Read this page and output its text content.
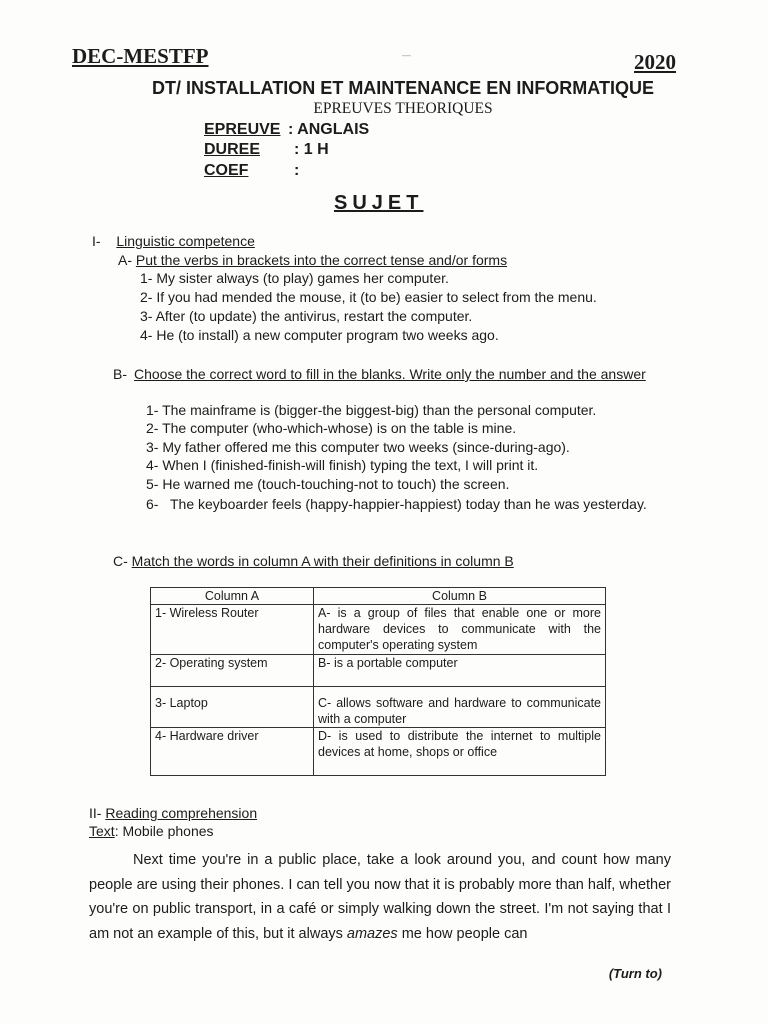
DEC-MESTFP	2020
—
DT/ INSTALLATION ET MAINTENANCE EN INFORMATIQUE
EPREUVES THEORIQUES
EPREUVE : ANGLAIS
DUREE : 1 H
COEF	:
SUJET
I- Linguistic competence
A- Put the verbs in brackets into the correct tense and/or forms
1- My sister always (to play) games her computer.
2- If you had mended the mouse, it (to be) easier to select from the menu.
3- After (to update) the antivirus, restart the computer.
4- He (to install) a new computer program two weeks ago.
B- Choose the correct word to fill in the blanks. Write only the number and the answer
1- The mainframe is (bigger-the biggest-big) than the personal computer.
2- The computer (who-which-whose) is on the table is mine.
3- My father offered me this computer two weeks (since-during-ago).
4- When I (finished-finish-will finish) typing the text, I will print it.
5- He warned me (touch-touching-not to touch) the screen.
6- The keyboarder feels (happy-happier-happiest) today than he was yesterday.
C- Match the words in column A with their definitions in column B
Column A	Column B
1- Wireless Router	A- is a group of files that enable one or more hardware devices to communicate with the computer's operating system
2- Operating system	B- is a portable computer
3- Laptop	C- allows software and hardware to communicate with a computer
4- Hardware driver	D- is used to distribute the internet to multiple devices at home, shops or office
II- Reading comprehension
Text: Mobile phones
Next time you're in a public place, take a look around you, and count how many people are using their phones. I can tell you now that it is probably more than half, whether you're on public transport, in a café or simply walking down the street. I'm not saying that I am not an example of this, but it always amazes me how people can
(Turn to)
